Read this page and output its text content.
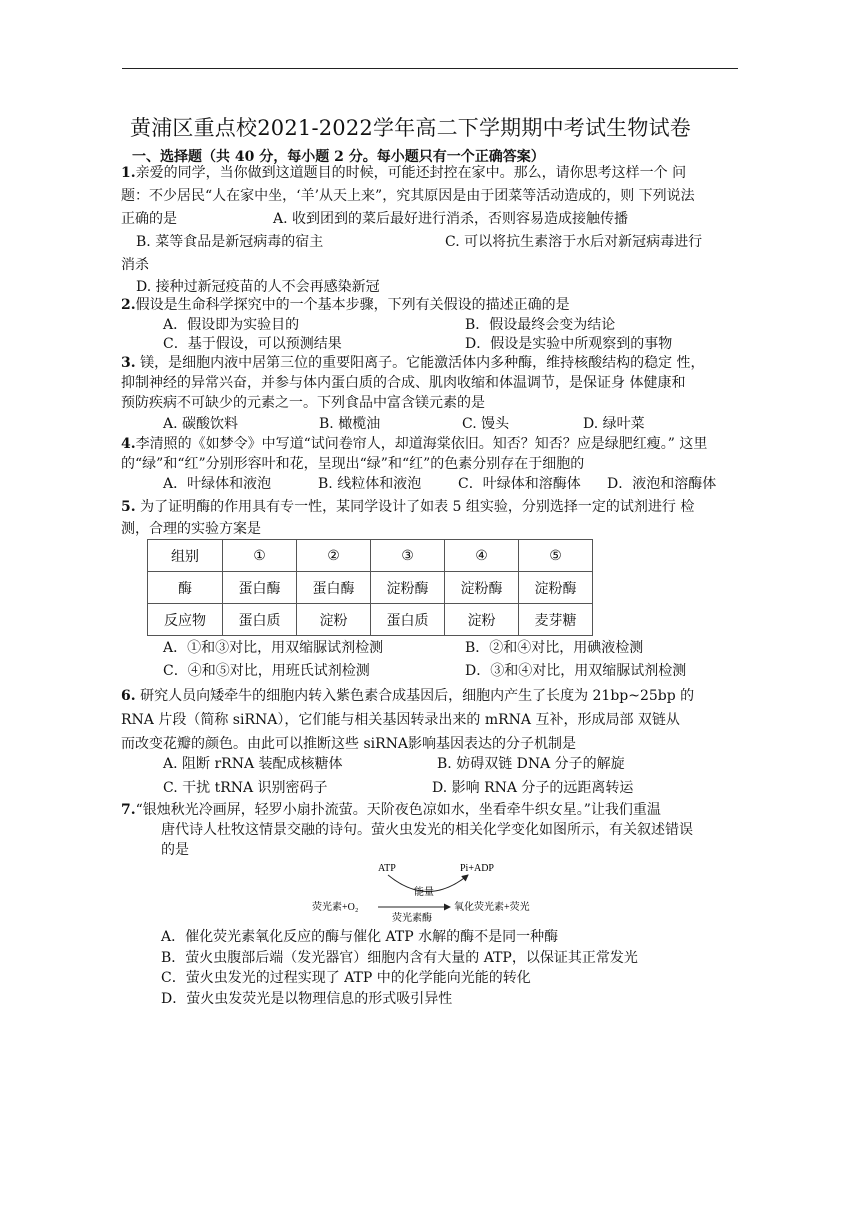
黄浦区重点校2021-2022学年高二下学期期中考试生物试卷
一、选择题（共 40 分，每小题 2 分。每小题只有一个正确答案）
1.亲爱的同学，当你做到这道题目的时候，可能还封控在家中。那么，请你思考这样一个 问
题：不少居民“人在家中坐，‘羊’从天上来”，究其原因是由于团菜等活动造成的，则 下列说法
正确的是	A. 收到团到的菜后最好进行消杀，否则容易造成接触传播
B. 菜等食品是新冠病毒的宿主	C. 可以将抗生素溶于水后对新冠病毒进行
消杀
D. 接种过新冠疫苗的人不会再感染新冠
2.假设是生命科学探究中的一个基本步骤，下列有关假设的描述正确的是
A．假设即为实验目的	B．假设最终会变为结论
C．基于假设，可以预测结果	D．假设是实验中所观察到的事物
3. 镁，是细胞内液中居第三位的重要阳离子。它能激活体内多种酶，维持核酸结构的稳定 性，
抑制神经的异常兴奋，并参与体内蛋白质的合成、肌肉收缩和体温调节，是保证身 体健康和
预防疾病不可缺少的元素之一。下列食品中富含镁元素的是
A. 碳酸饮料	B. 橄榄油	C. 馒头	D. 绿叶菜
4.李清照的《如梦令》中写道“试问卷帘人，却道海棠依旧。知否？知否？应是绿肥红瘦。” 这里
的“绿”和“红”分别形容叶和花，呈现出“绿”和“红”的色素分别存在于细胞的
A．叶绿体和液泡	B. 线粒体和液泡	C．叶绿体和溶酶体 D．液泡和溶酶体
5. 为了证明酶的作用具有专一性，某同学设计了如表 5 组实验，分别选择一定的试剂进行 检
测，合理的实验方案是
组别	①	②	③	④	⑤
酶	蛋白酶	蛋白酶	淀粉酶	淀粉酶	淀粉酶
反应物	蛋白质	淀粉	蛋白质	淀粉	麦芽糖
A．①和③对比，用双缩脲试剂检测	B．②和④对比，用碘液检测
C．④和⑤对比，用班氏试剂检测	D．③和④对比，用双缩脲试剂检测
6. 研究人员向矮牵牛的细胞内转入紫色素合成基因后，细胞内产生了长度为 21bp~25bp 的
RNA 片段（简称 siRNA），它们能与相关基因转录出来的 mRNA 互补，形成局部 双链从
而改变花瓣的颜色。由此可以推断这些 siRNA影响基因表达的分子机制是
A. 阻断 rRNA 装配成核糖体	B. 妨碍双链 DNA 分子的解旋
C. 干扰 tRNA 识别密码子	D. 影响 RNA 分子的远距离转运
7.“银烛秋光冷画屏，轻罗小扇扑流萤。天阶夜色凉如水，坐看牵牛织女星。”让我们重温
唐代诗人杜牧这情景交融的诗句。萤火虫发光的相关化学变化如图所示，有关叙述错误
的是
ATP	Pi+ADP
能量
荧光素+O₂
荧光素酶
氧化荧光素+荧光
A．催化荧光素氧化反应的酶与催化 ATP 水解的酶不是同一种酶
B．萤火虫腹部后端（发光器官）细胞内含有大量的 ATP，以保证其正常发光
C．萤火虫发光的过程实现了 ATP 中的化学能向光能的转化
D．萤火虫发荧光是以物理信息的形式吸引异性
